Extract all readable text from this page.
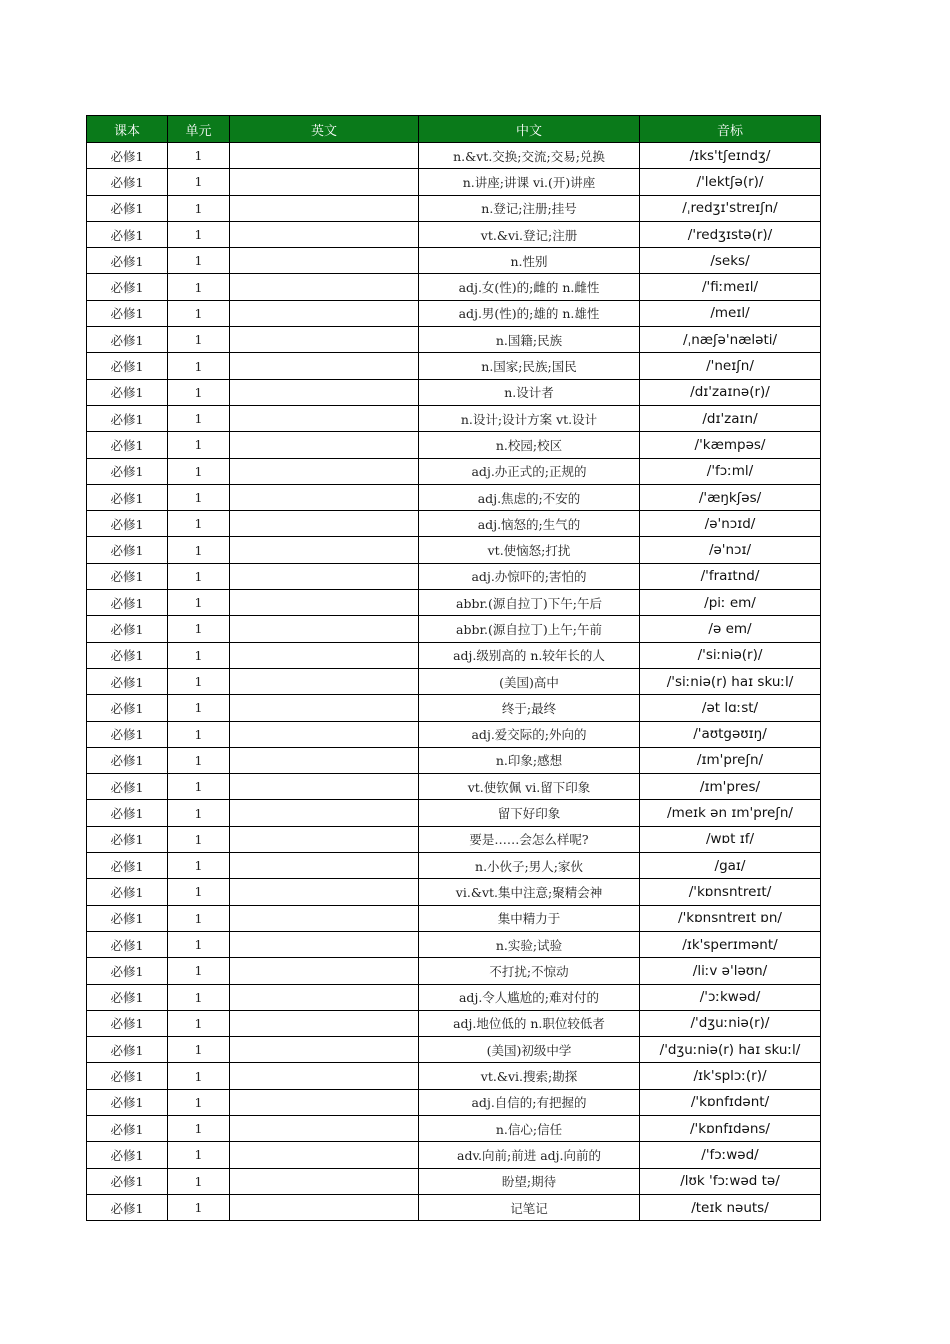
课本	单元	英文	中文	音标
必修1	1		n.&vt.交换;交流;交易;兑换	/ɪks'tʃeɪndʒ/
必修1	1		n.讲座;讲课 vi.(开)讲座	/'lektʃə(r)/
必修1	1		n.登记;注册;挂号	/ˌredʒɪ'streɪʃn/
必修1	1		vt.&vi.登记;注册	/'redʒɪstə(r)/
必修1	1		n.性别	/seks/
必修1	1		adj.女(性)的;雌的 n.雌性	/'fiːmeɪl/
必修1	1		adj.男(性)的;雄的 n.雄性	/meɪl/
必修1	1		n.国籍;民族	/ˌnæʃə'næləti/
必修1	1		n.国家;民族;国民	/'neɪʃn/
必修1	1		n.设计者	/dɪ'zaɪnə(r)/
必修1	1		n.设计;设计方案 vt.设计	/dɪ'zaɪn/
必修1	1		n.校园;校区	/'kæmpəs/
必修1	1		adj.办正式的;正规的	/'fɔːml/
必修1	1		adj.焦虑的;不安的	/'æŋkʃəs/
必修1	1		adj.恼怒的;生气的	/ə'nɔɪd/
必修1	1		vt.使恼怒;打扰	/ə'nɔɪ/
必修1	1		adj.办惊吓的;害怕的	/'fraɪtnd/
必修1	1		abbr.(源自拉丁)下午;午后	/piː em/
必修1	1		abbr.(源自拉丁)上午;午前	/ə em/
必修1	1		adj.级别高的 n.较年长的人	/'siːniə(r)/
必修1	1		(美国)高中	/'siːniə(r) haɪ skuːl/
必修1	1		终于;最终	/ət lɑːst/
必修1	1		adj.爱交际的;外向的	/'aʊtgəʊɪŋ/
必修1	1		n.印象;感想	/ɪm'preʃn/
必修1	1		vt.使钦佩 vi.留下印象	/ɪm'pres/
必修1	1		留下好印象	/meɪk ən ɪm'preʃn/
必修1	1		要是……会怎么样呢?	/wɒt ɪf/
必修1	1		n.小伙子;男人;家伙	/gaɪ/
必修1	1		vi.&vt.集中注意;聚精会神	/'kɒnsntreɪt/
必修1	1		集中精力于	/'kɒnsntreɪt ɒn/
必修1	1		n.实验;试验	/ɪk'sperɪmənt/
必修1	1		不打扰;不惊动	/liːv ə'ləʊn/
必修1	1		adj.令人尴尬的;难对付的	/'ɔːkwəd/
必修1	1		adj.地位低的 n.职位较低者	/'dʒuːniə(r)/
必修1	1		(美国)初级中学	/'dʒuːniə(r) haɪ skuːl/
必修1	1		vt.&vi.搜索;勘探	/ɪk'splɔː(r)/
必修1	1		adj.自信的;有把握的	/'kɒnfɪdənt/
必修1	1		n.信心;信任	/'kɒnfɪdəns/
必修1	1		adv.向前;前进 adj.向前的	/'fɔːwəd/
必修1	1		盼望;期待	/lʊk 'fɔːwəd tə/
必修1	1		记笔记	/teɪk nəuts/
